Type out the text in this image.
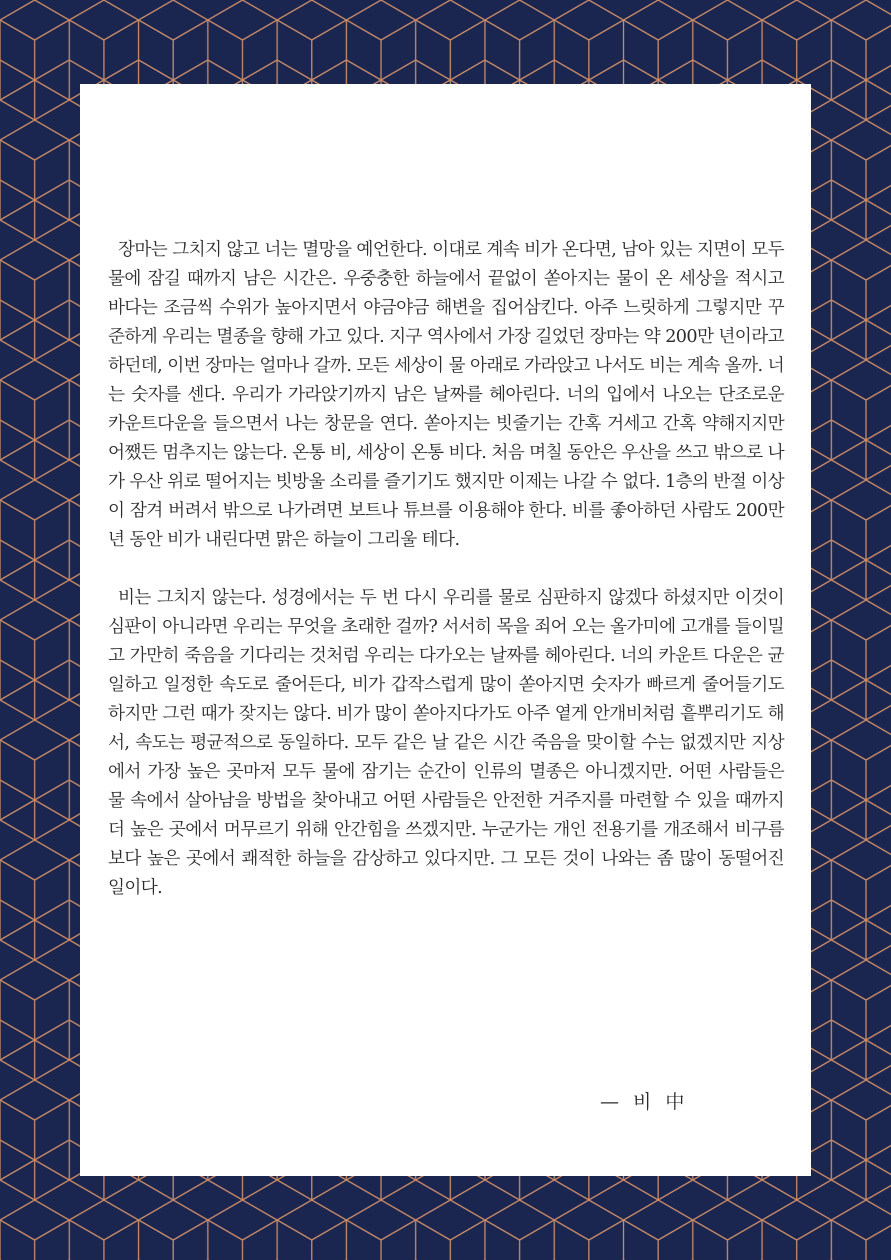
장마는 그치지 않고 너는 멸망을 예언한다. 이대로 계속 비가 온다면, 남아 있는 지면이 모두 물에 잠길 때까지 남은 시간은. 우중충한 하늘에서 끝없이 쏟아지는 물이 온 세상을 적시고 바다는 조금씩 수위가 높아지면서 야금야금 해변을 집어삼킨다. 아주 느릿하게 그렇지만 꾸준하게 우리는 멸종을 향해 가고 있다. 지구 역사에서 가장 길었던 장마는 약 200만 년이라고 하던데, 이번 장마는 얼마나 갈까. 모든 세상이 물 아래로 가라앉고 나서도 비는 계속 올까. 너는 숫자를 센다. 우리가 가라앉기까지 남은 날짜를 헤아린다. 너의 입에서 나오는 단조로운 카운트다운을 들으면서 나는 창문을 연다. 쏟아지는 빗줄기는 간혹 거세고 간혹 약해지지만 어쨌든 멈추지는 않는다. 온통 비, 세상이 온통 비다. 처음 며칠 동안은 우산을 쓰고 밖으로 나가 우산 위로 떨어지는 빗방울 소리를 즐기기도 했지만 이제는 나갈 수 없다. 1층의 반절 이상이 잠겨 버려서 밖으로 나가려면 보트나 튜브를 이용해야 한다. 비를 좋아하던 사람도 200만 년 동안 비가 내린다면 맑은 하늘이 그리울 테다.

비는 그치지 않는다. 성경에서는 두 번 다시 우리를 물로 심판하지 않겠다 하셨지만 이것이 심판이 아니라면 우리는 무엇을 초래한 걸까? 서서히 목을 죄어 오는 올가미에 고개를 들이밀고 가만히 죽음을 기다리는 것처럼 우리는 다가오는 날짜를 헤아린다. 너의 카운트 다운은 균일하고 일정한 속도로 줄어든다, 비가 갑작스럽게 많이 쏟아지면 숫자가 빠르게 줄어들기도 하지만 그런 때가 잦지는 않다. 비가 많이 쏟아지다가도 아주 옅게 안개비처럼 흩뿌리기도 해서, 속도는 평균적으로 동일하다. 모두 같은 날 같은 시간 죽음을 맞이할 수는 없겠지만 지상에서 가장 높은 곳마저 모두 물에 잠기는 순간이 인류의 멸종은 아니겠지만. 어떤 사람들은 물 속에서 살아남을 방법을 찾아내고 어떤 사람들은 안전한 거주지를 마련할 수 있을 때까지 더 높은 곳에서 머무르기 위해 안간힘을 쓰겠지만. 누군가는 개인 전용기를 개조해서 비구름보다 높은 곳에서 쾌적한 하늘을 감상하고 있다지만. 그 모든 것이 나와는 좀 많이 동떨어진 일이다.

— 비 中
